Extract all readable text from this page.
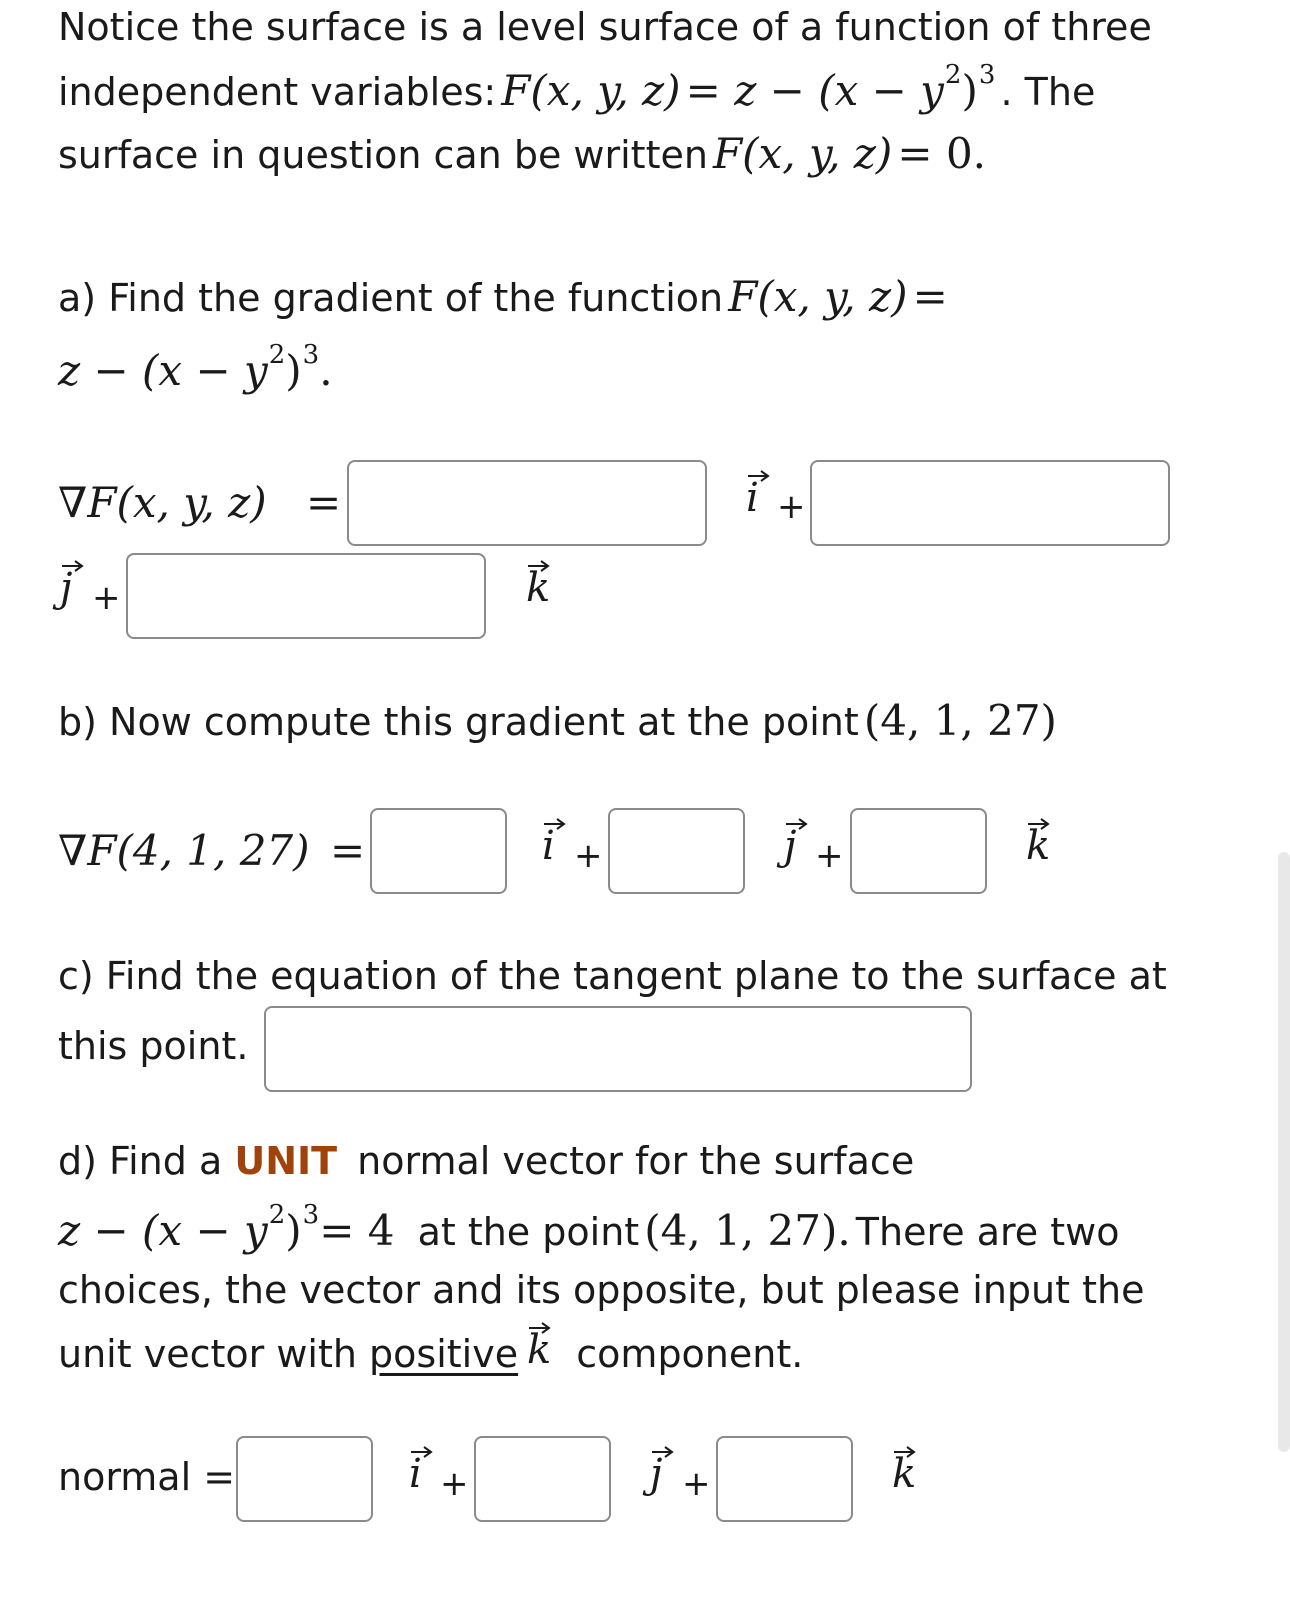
Notice the surface is a level surface of a function of three
independent variables: F(x, y, z) = z − (x − y2)3 . The
surface in question can be written F(x, y, z) = 0.
a) Find the gradient of the function F(x, y, z) =
z − (x − y2)3.
∇F(x, y, z) =	i +
j +	k
b) Now compute this gradient at the point (4, 1, 27)
∇F(4, 1, 27) =	i +	j +	k
c) Find the equation of the tangent plane to the surface at
this point.
d) Find a UNIT normal vector for the surface
z − (x − y2)3= 4 at the point (4, 1, 27). There are two
choices, the vector and its opposite, but please input the
unit vector with positive component.
k
normal =	i +	j +	k
